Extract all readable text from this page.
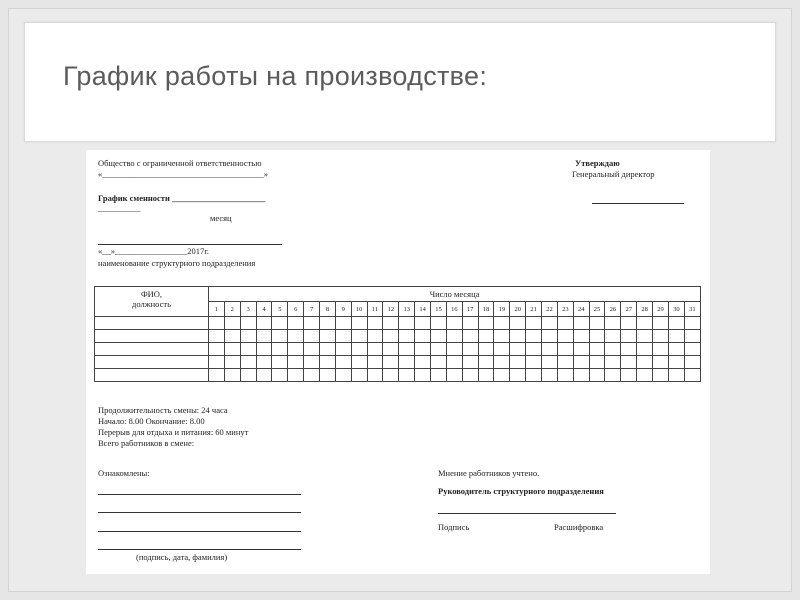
График работы на производстве:
Общество с ограниченной ответственностью
«______________________________________»
Утверждаю
Генеральный директор
График сменности ______________________
__________
месяц
«__»_________________2017г.
наименование структурного подразделения
ФИО,
должность	Число месяца																														
	1	2	3	4	5	6	7	8	9	10	11	12	13	14	15	16	17	18	19	20	21	22	23	24	25	26	27	28	29	30	31

Продолжительность смены: 24 часа
Начало: 8.00 Окончание: 8.00
Перерыв для отдыха и питания: 60 минут
Всего работников в смене:
Ознакомлены:
(подпись, дата, фамилия)
Мнение работников учтено.
Руководитель структурного подразделения
Подпись	Расшифровка
